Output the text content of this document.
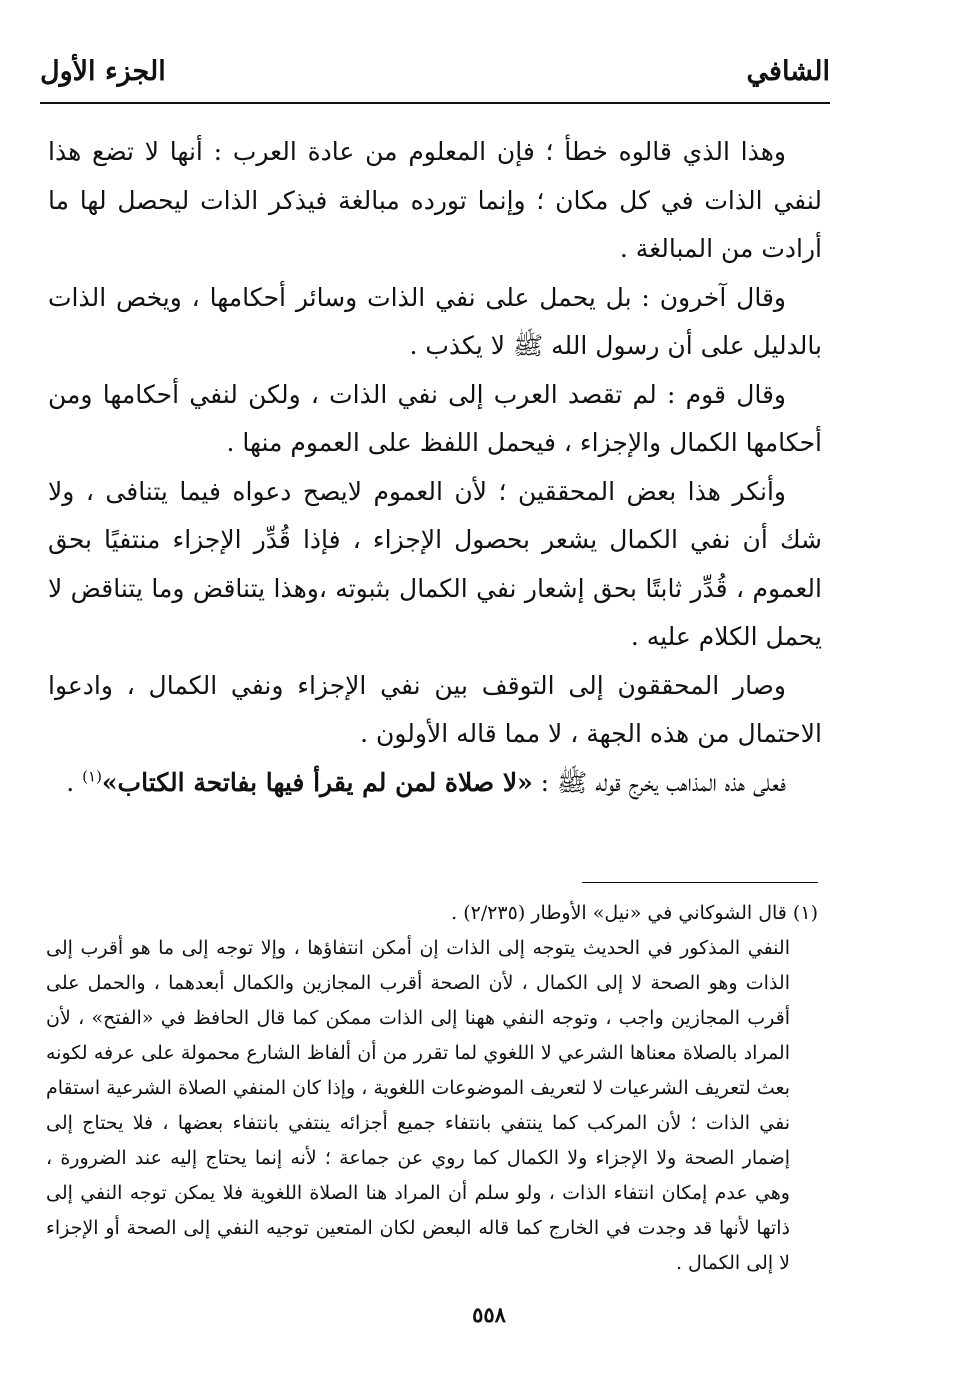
الشافي
الجزء الأول

وهذا الذي قالوه خطأ ؛ فإن المعلوم من عادة العرب : أنها لا تضع هذا لنفي الذات في كل مكان ؛ وإنما تورده مبالغة فيذكر الذات ليحصل لها ما أرادت من المبالغة .

وقال آخرون : بل يحمل على نفي الذات وسائر أحكامها ، ويخص الذات بالدليل على أن رسول الله ﷺ لا يكذب .

وقال قوم : لم تقصد العرب إلى نفي الذات ، ولكن لنفي أحكامها ومن أحكامها الكمال والإجزاء ، فيحمل اللفظ على العموم منها .

وأنكر هذا بعض المحققين ؛ لأن العموم لايصح دعواه فيما يتنافى ، ولا شك أن نفي الكمال يشعر بحصول الإجزاء ، فإذا قُدِّر الإجزاء منتفيًا بحق العموم ، قُدِّر ثابتًا بحق إشعار نفي الكمال بثبوته ،وهذا يتناقض وما يتناقض لا يحمل الكلام عليه .

وصار المحققون إلى التوقف بين نفي الإجزاء ونفي الكمال ، وادعوا الاحتمال من هذه الجهة ، لا مما قاله الأولون .

فعلى هذه المذاهب يخرج قوله ﷺ : «لا صلاة لمن لم يقرأ فيها بفاتحة الكتاب»$^{(١)}$ .

(١) قال الشوكاني في «نيل» الأوطار (٢/٢٣٥) .

النفي المذكور في الحديث يتوجه إلى الذات إن أمكن انتفاؤها ، وإلا توجه إلى ما هو أقرب إلى الذات وهو الصحة لا إلى الكمال ، لأن الصحة أقرب المجازين والكمال أبعدهما ، والحمل على أقرب المجازين واجب ، وتوجه النفي ههنا إلى الذات ممكن كما قال الحافظ في «الفتح» ، لأن المراد بالصلاة معناها الشرعي لا اللغوي لما تقرر من أن ألفاظ الشارع محمولة على عرفه لكونه بعث لتعريف الشرعيات لا لتعريف الموضوعات اللغوية ، وإذا كان المنفي الصلاة الشرعية استقام نفي الذات ؛ لأن المركب كما ينتفي بانتفاء جميع أجزائه ينتفي بانتفاء بعضها ، فلا يحتاج إلى إضمار الصحة ولا الإجزاء ولا الكمال كما روي عن جماعة ؛ لأنه إنما يحتاج إليه عند الضرورة ، وهي عدم إمكان انتفاء الذات ، ولو سلم أن المراد هنا الصلاة اللغوية فلا يمكن توجه النفي إلى ذاتها لأنها قد وجدت في الخارج كما قاله البعض لكان المتعين توجيه النفي إلى الصحة أو الإجزاء لا إلى الكمال .

٥٥٨
